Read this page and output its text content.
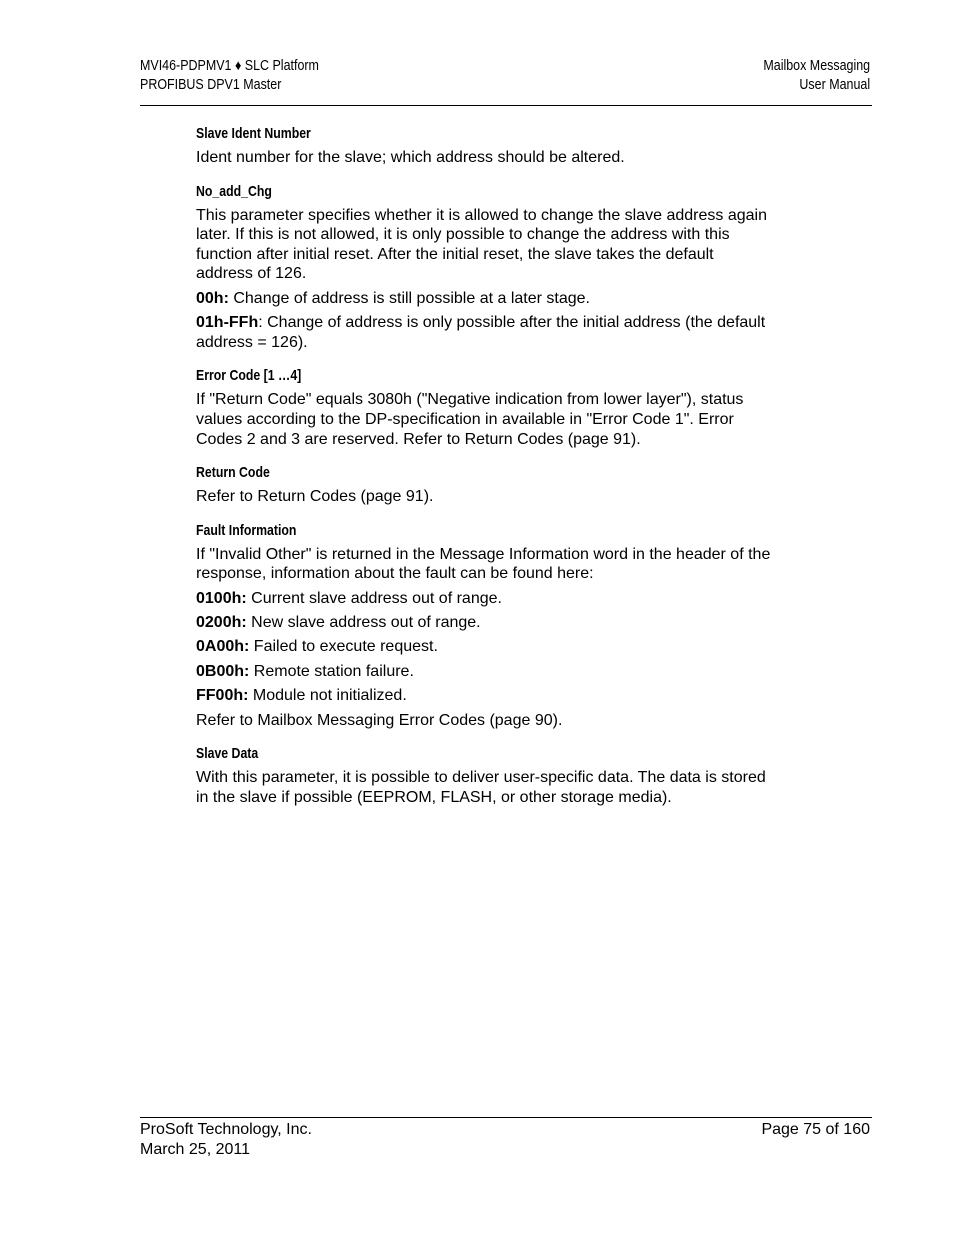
MVI46-PDPMV1 ♦ SLC Platform
PROFIBUS DPV1 Master
Mailbox Messaging
User Manual
Slave Ident Number

Ident number for the slave; which address should be altered.

No_add_Chg

This parameter specifies whether it is allowed to change the slave address again
later. If this is not allowed, it is only possible to change the address with this
function after initial reset. After the initial reset, the slave takes the default
address of 126.

00h: Change of address is still possible at a later stage.

01h-FFh: Change of address is only possible after the initial address (the default
address = 126).

Error Code [1 …4]

If "Return Code" equals 3080h ("Negative indication from lower layer"), status
values according to the DP-specification in available in "Error Code 1". Error
Codes 2 and 3 are reserved. Refer to Return Codes (page 91).

Return Code

Refer to Return Codes (page 91).

Fault Information

If "Invalid Other" is returned in the Message Information word in the header of the
response, information about the fault can be found here:

0100h: Current slave address out of range.

0200h: New slave address out of range.

0A00h: Failed to execute request.

0B00h: Remote station failure.

FF00h: Module not initialized.

Refer to Mailbox Messaging Error Codes (page 90).

Slave Data

With this parameter, it is possible to deliver user-specific data. The data is stored
in the slave if possible (EEPROM, FLASH, or other storage media).

ProSoft Technology, Inc.
March 25, 2011
Page 75 of 160
